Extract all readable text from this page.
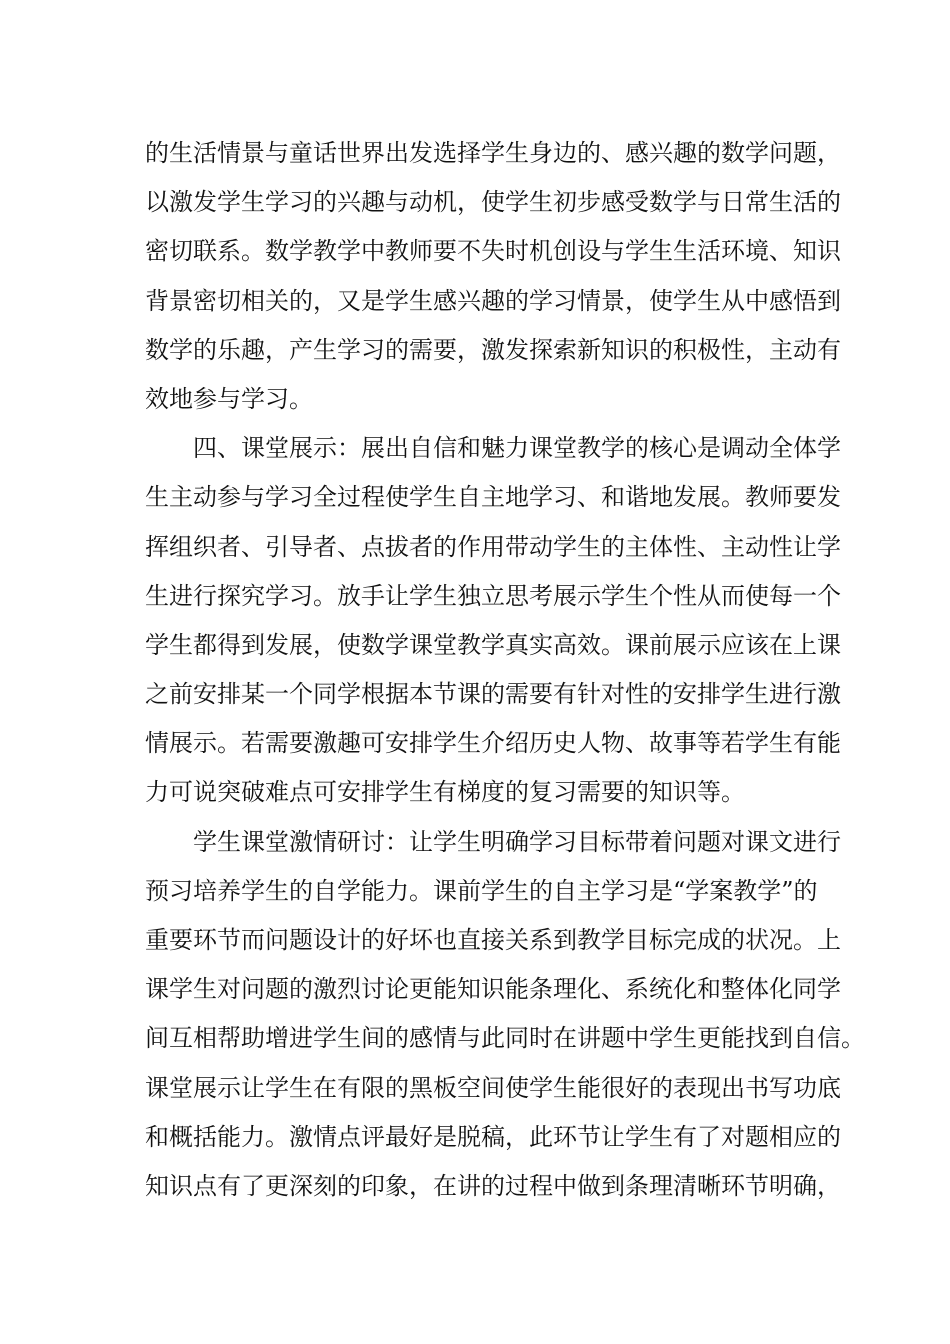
的生活情景与童话世界出发选择学生身边的、感兴趣的数学问题，
以激发学生学习的兴趣与动机，使学生初步感受数学与日常生活的
密切联系。数学教学中教师要不失时机创设与学生生活环境、知识
背景密切相关的，又是学生感兴趣的学习情景，使学生从中感悟到
数学的乐趣，产生学习的需要，激发探索新知识的积极性，主动有
效地参与学习。
四、课堂展示：展出自信和魅力课堂教学的核心是调动全体学
生主动参与学习全过程使学生自主地学习、和谐地发展。教师要发
挥组织者、引导者、点拔者的作用带动学生的主体性、主动性让学
生进行探究学习。放手让学生独立思考展示学生个性从而使每一个
学生都得到发展，使数学课堂教学真实高效。课前展示应该在上课
之前安排某一个同学根据本节课的需要有针对性的安排学生进行激
情展示。若需要激趣可安排学生介绍历史人物、故事等若学生有能
力可说突破难点可安排学生有梯度的复习需要的知识等。
学生课堂激情研讨：让学生明确学习目标带着问题对课文进行
预习培养学生的自学能力。课前学生的自主学习是“学案教学”的
重要环节而问题设计的好坏也直接关系到教学目标完成的状况。上
课学生对问题的激烈讨论更能知识能条理化、系统化和整体化同学
间互相帮助增进学生间的感情与此同时在讲题中学生更能找到自信。
课堂展示让学生在有限的黑板空间使学生能很好的表现出书写功底
和概括能力。激情点评最好是脱稿，此环节让学生有了对题相应的
知识点有了更深刻的印象，在讲的过程中做到条理清晰环节明确，
